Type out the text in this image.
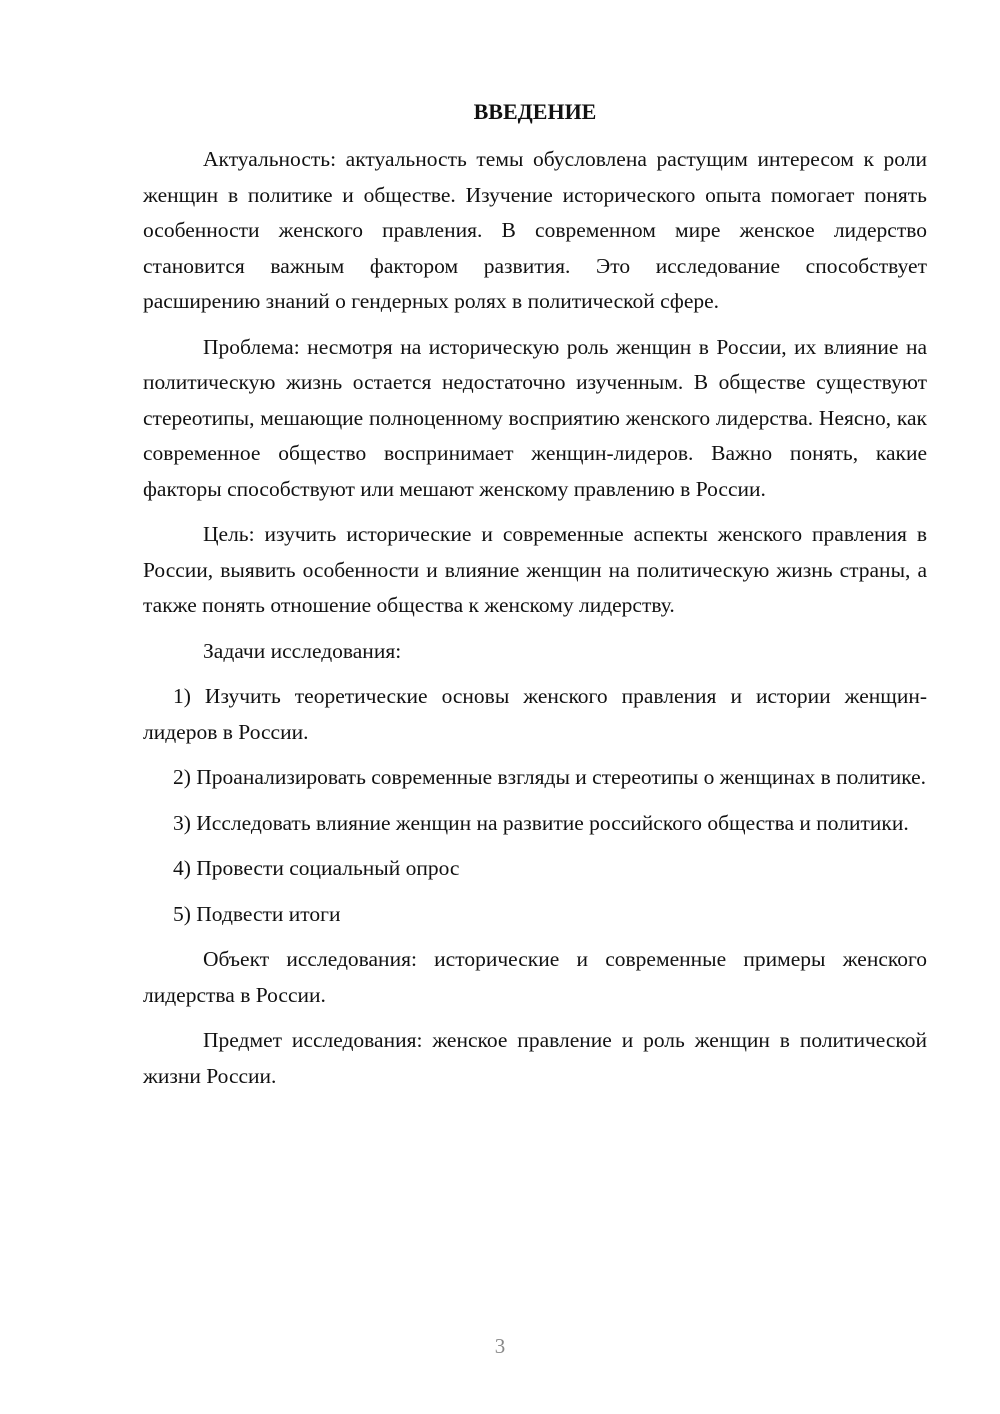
ВВЕДЕНИЕ

Актуальность: актуальность темы обусловлена растущим интересом к роли женщин в политике и обществе. Изучение исторического опыта помогает понять особенности женского правления. В современном мире женское лидерство становится важным фактором развития. Это исследование способствует расширению знаний о гендерных ролях в политической сфере.

Проблема: несмотря на историческую роль женщин в России, их влияние на политическую жизнь остается недостаточно изученным. В обществе существуют стереотипы, мешающие полноценному восприятию женского лидерства. Неясно, как современное общество воспринимает женщин-лидеров. Важно понять, какие факторы способствуют или мешают женскому правлению в России.

Цель: изучить исторические и современные аспекты женского правления в России, выявить особенности и влияние женщин на политическую жизнь страны, а также понять отношение общества к женскому лидерству.

Задачи исследования:

1) Изучить теоретические основы женского правления и истории женщин-лидеров в России.

2) Проанализировать современные взгляды и стереотипы о женщинах в политике.

3) Исследовать влияние женщин на развитие российского общества и политики.

4) Провести социальный опрос

5) Подвести итоги

Объект исследования: исторические и современные примеры женского лидерства в России.

Предмет исследования: женское правление и роль женщин в политической жизни России.

3
